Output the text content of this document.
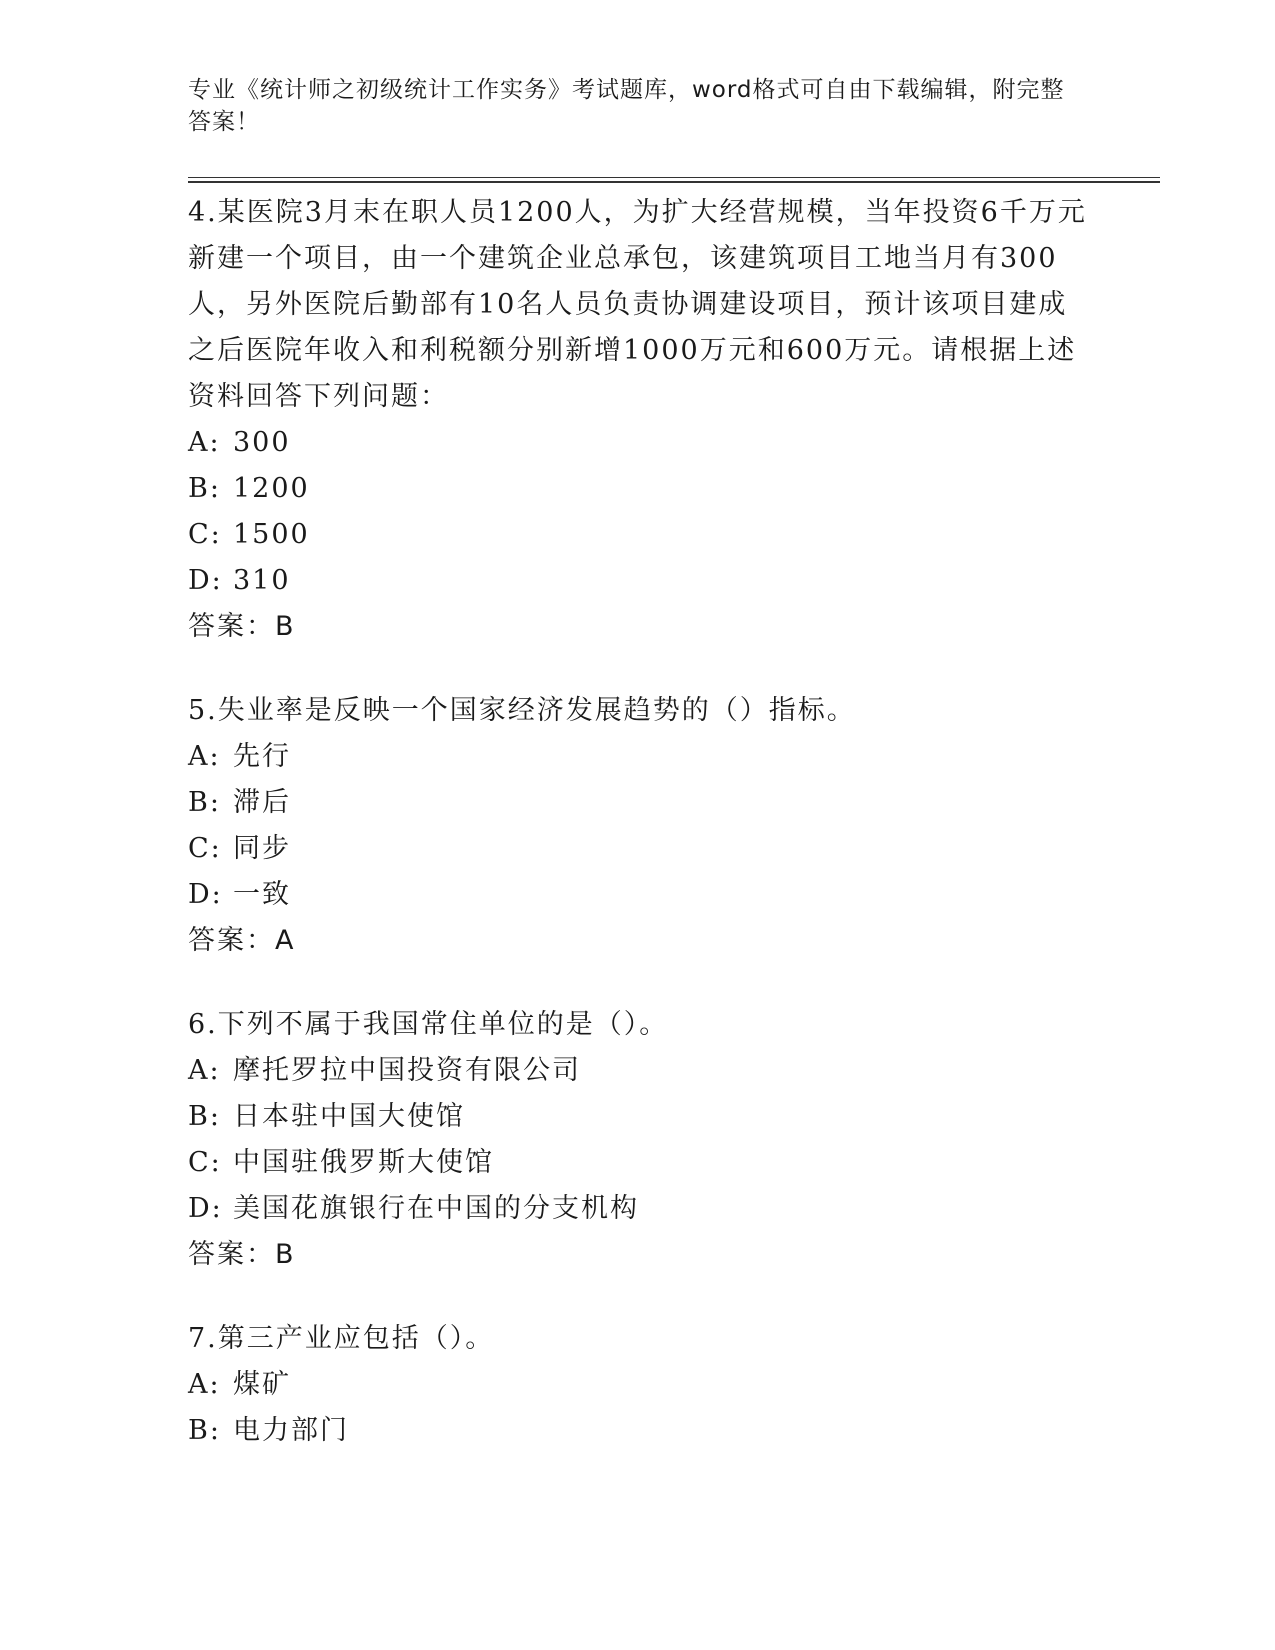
专业《统计师之初级统计工作实务》考试题库，word格式可自由下载编辑，附完整答案！

4.某医院3月末在职人员1200人，为扩大经营规模，当年投资6千万元新建一个项目，由一个建筑企业总承包，该建筑项目工地当月有300人，另外医院后勤部有10名人员负责协调建设项目，预计该项目建成之后医院年收入和利税额分别新增1000万元和600万元。请根据上述资料回答下列问题：

A: 300

B: 1200

C: 1500

D: 310

答案：B

5.失业率是反映一个国家经济发展趋势的（）指标。

A: 先行

B: 滞后

C: 同步

D: 一致

答案：A

6.下列不属于我国常住单位的是（）。

A: 摩托罗拉中国投资有限公司

B: 日本驻中国大使馆

C: 中国驻俄罗斯大使馆

D: 美国花旗银行在中国的分支机构

答案：B

7.第三产业应包括（）。

A: 煤矿

B: 电力部门
